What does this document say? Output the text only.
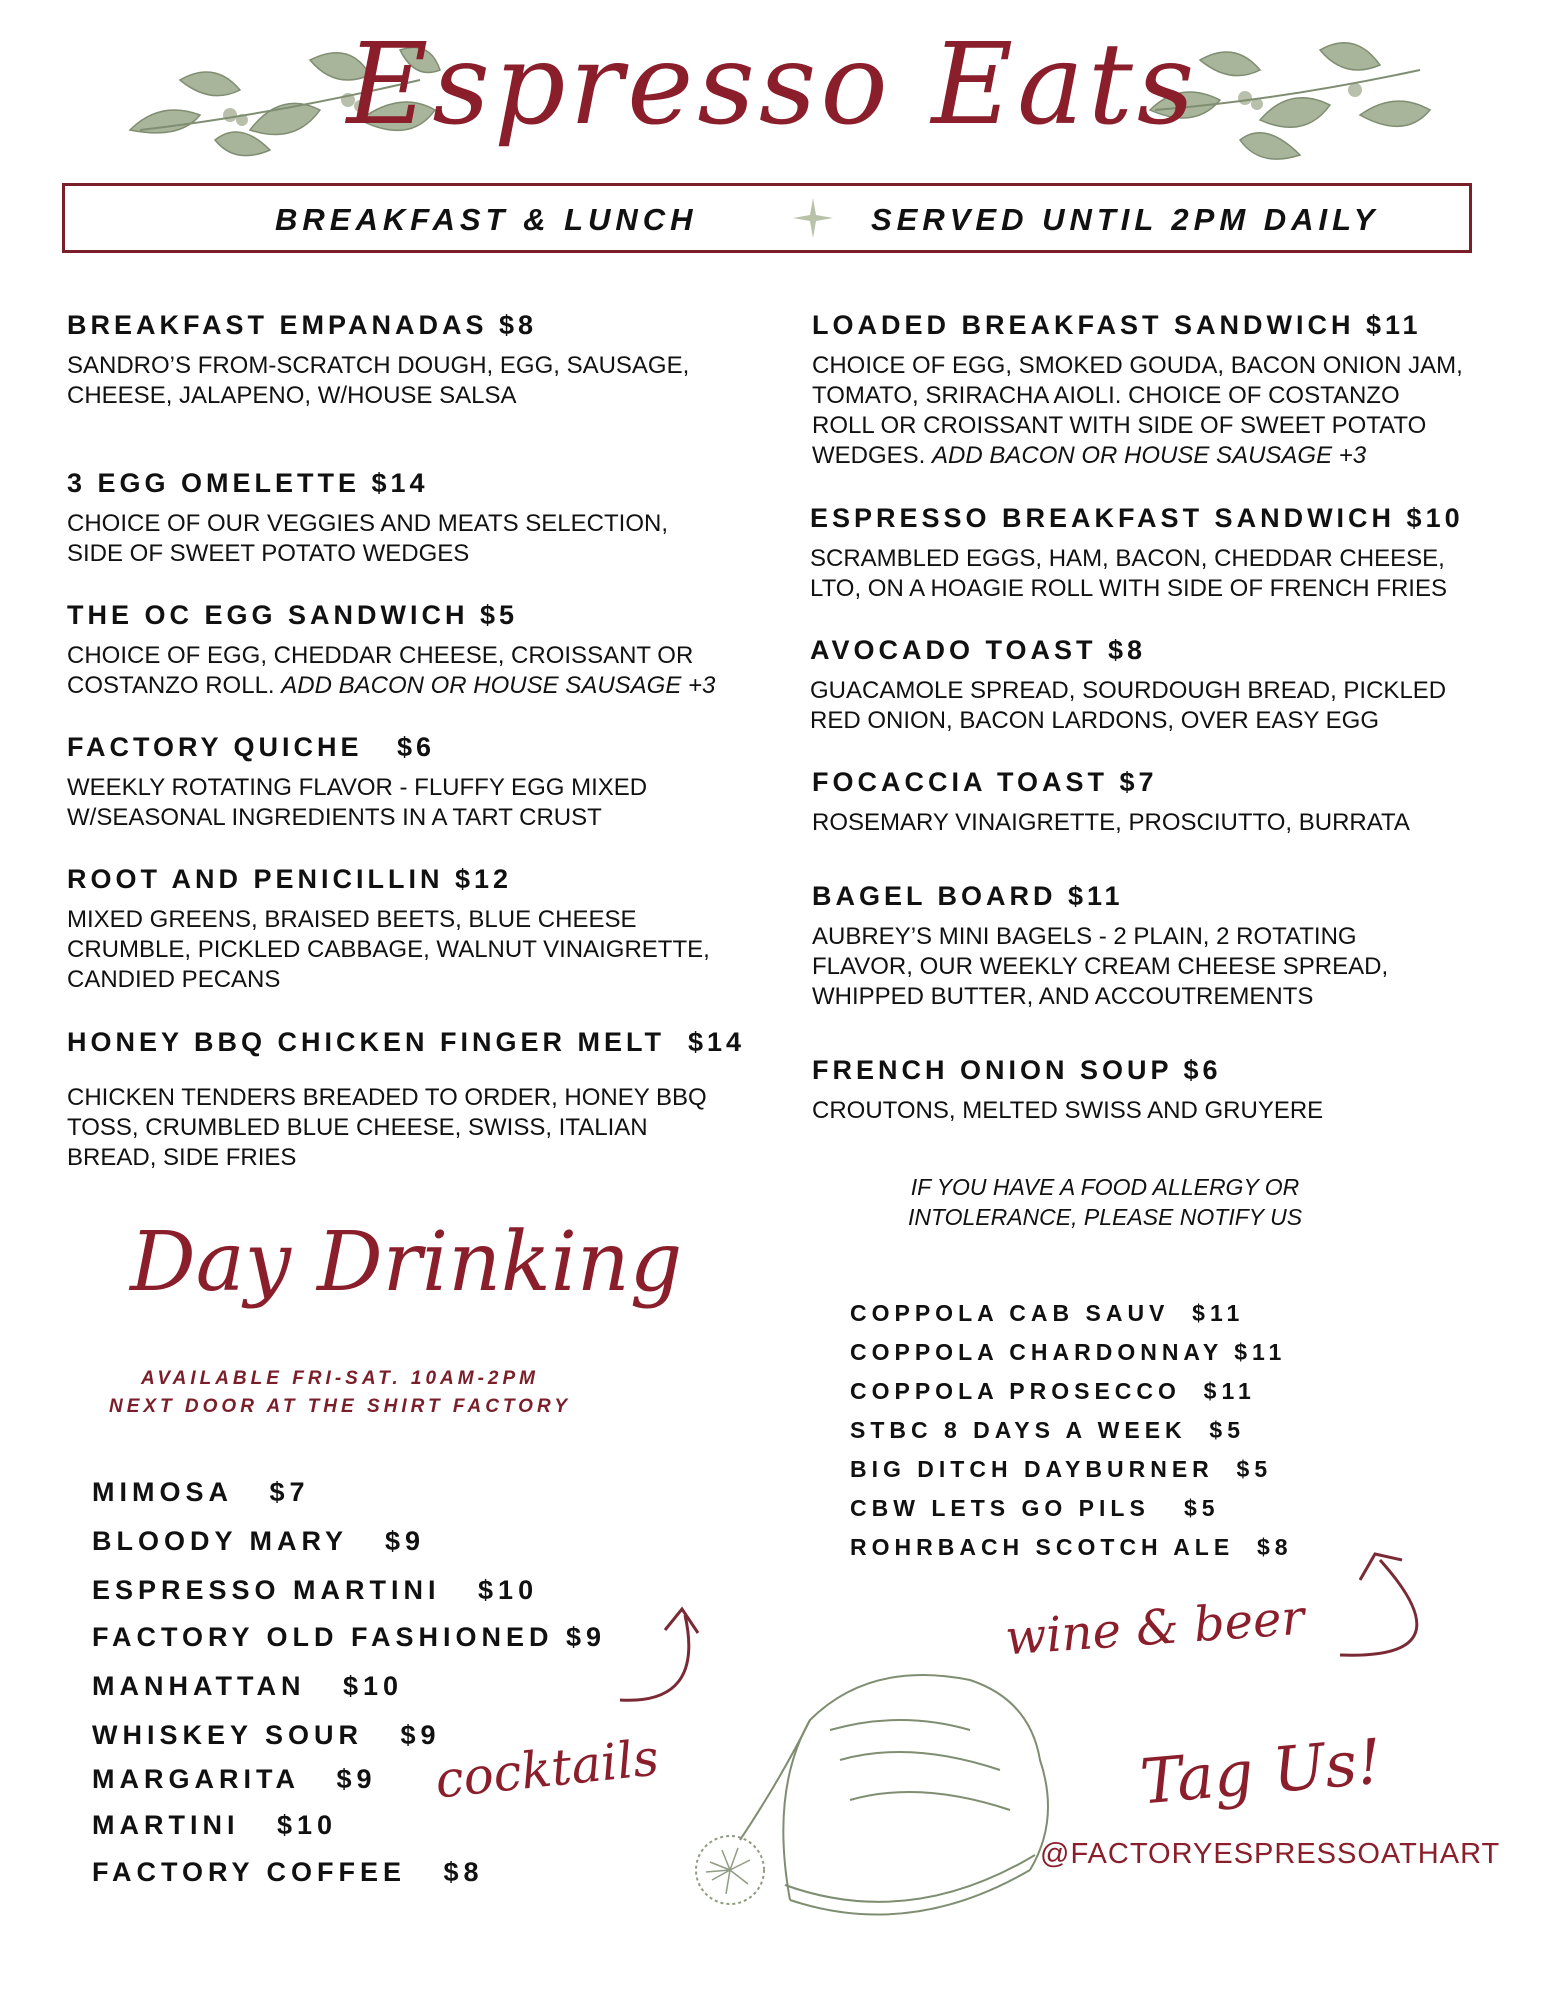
Espresso Eats
BREAKFAST & LUNCH	SERVED UNTIL 2PM DAILY
BREAKFAST EMPANADAS $8
SANDRO’S FROM-SCRATCH DOUGH, EGG, SAUSAGE,
CHEESE, JALAPENO, W/HOUSE SALSA
3 EGG OMELETTE $14
CHOICE OF OUR VEGGIES AND MEATS SELECTION,
SIDE OF SWEET POTATO WEDGES
THE OC EGG SANDWICH $5
CHOICE OF EGG, CHEDDAR CHEESE, CROISSANT OR
COSTANZO ROLL. ADD BACON OR HOUSE SAUSAGE +3
FACTORY QUICHE   $6
WEEKLY ROTATING FLAVOR - FLUFFY EGG MIXED
W/SEASONAL INGREDIENTS IN A TART CRUST
ROOT AND PENICILLIN $12
MIXED GREENS, BRAISED BEETS, BLUE CHEESE
CRUMBLE, PICKLED CABBAGE, WALNUT VINAIGRETTE,
CANDIED PECANS
HONEY BBQ CHICKEN FINGER MELT  $14
CHICKEN TENDERS BREADED TO ORDER, HONEY BBQ
TOSS, CRUMBLED BLUE CHEESE, SWISS, ITALIAN
BREAD, SIDE FRIES
LOADED BREAKFAST SANDWICH $11
CHOICE OF EGG, SMOKED GOUDA, BACON ONION JAM,
TOMATO, SRIRACHA AIOLI. CHOICE OF COSTANZO
ROLL OR CROISSANT WITH SIDE OF SWEET POTATO
WEDGES. ADD BACON OR HOUSE SAUSAGE +3
ESPRESSO BREAKFAST SANDWICH $10
SCRAMBLED EGGS, HAM, BACON, CHEDDAR CHEESE,
LTO, ON A HOAGIE ROLL WITH SIDE OF FRENCH FRIES
AVOCADO TOAST $8
GUACAMOLE SPREAD, SOURDOUGH BREAD, PICKLED
RED ONION, BACON LARDONS, OVER EASY EGG
FOCACCIA TOAST $7
ROSEMARY VINAIGRETTE, PROSCIUTTO, BURRATA
BAGEL BOARD $11
AUBREY’S MINI BAGELS - 2 PLAIN, 2 ROTATING
FLAVOR, OUR WEEKLY CREAM CHEESE SPREAD,
WHIPPED BUTTER, AND ACCOUTREMENTS
FRENCH ONION SOUP $6
CROUTONS, MELTED SWISS AND GRUYERE
IF YOU HAVE A FOOD ALLERGY OR
INTOLERANCE, PLEASE NOTIFY US
Day Drinking
AVAILABLE FRI-SAT. 10AM-2PM
NEXT DOOR AT THE SHIRT FACTORY
MIMOSA   $7
BLOODY MARY   $9
ESPRESSO MARTINI   $10
FACTORY OLD FASHIONED $9
MANHATTAN   $10
WHISKEY SOUR   $9
MARGARITA   $9
MARTINI   $10
FACTORY COFFEE   $8
cocktails
COPPOLA CAB SAUV  $11
COPPOLA CHARDONNAY $11
COPPOLA PROSECCO  $11
STBC 8 DAYS A WEEK  $5
BIG DITCH DAYBURNER  $5
CBW LETS GO PILS   $5
ROHRBACH SCOTCH ALE  $8
wine & beer
Tag Us!
@FACTORYESPRESSOATHART
